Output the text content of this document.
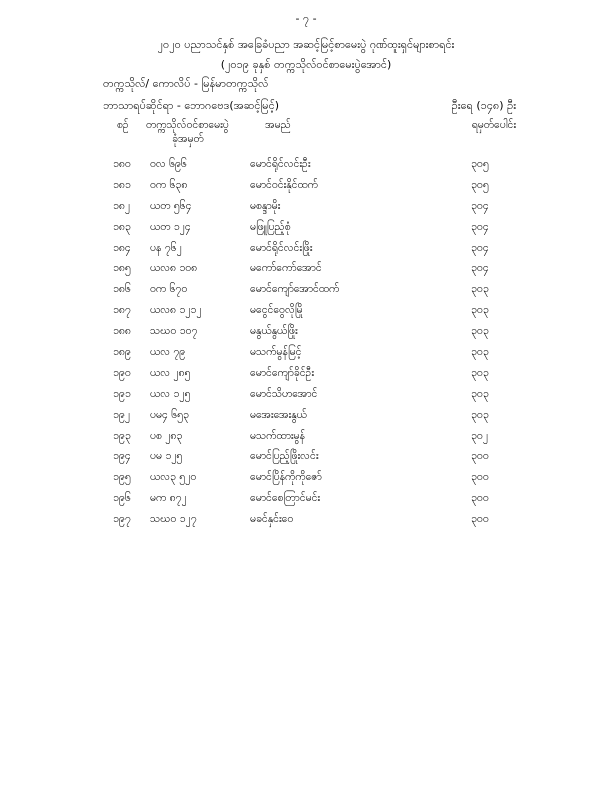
- ၇ -
၂၀၂၀ ပညာသင်နှစ် အခြေခံပညာ အဆင့်မြင့်စာမေးပွဲ ဂုဏ်ထူးရှင်များစာရင်း
(၂၀၁၉ ခုနှစ် တက္ကသိုလ်ဝင်စာမေးပွဲအောင်)
တက္ကသိုလ်/ ကောလိပ် - မြန်မာတက္ကသိုလ်
ဘာသာရပ်ဆိုင်ရာ - ဘောဂဗေဒ(အဆင့်မြင့်)	ဦးရေ (၁၄၈) ဦး
စဉ် တက္ကသိုလ်ဝင်စာမေးပွဲ
ခုံအမှတ်
အမည်	ရမှတ်ပေါင်း
၁၈၀ ဝလ ၆၉၆	မောင်ရိုင်လင်းဦး	၃၀၅
၁၈၁ ဝက ၆၃၈	မောင်ဝင်းနိုင်ထက်	၃၀၅
၁၈၂ ယတ ၅၆၄	မစန္ဒာမိုး	၃၀၄
၁၈၃ ယတ ၁၂၄	မဖြူပြည့်စုံ	၃၀၄
၁၈၄ ပန ၇၆၂	မောင်ရိုင်လင်းဖြိုး	၃၀၄
၁၈၅ ယလ၈ ၁၀၈	မကော်ကော်အောင်	၃၀၄
၁၈၆ ဝက ၆၇၀	မောင်ကျော်အောင်ထက်	၃၀၃
၁၈၇ ယလ၈ ၁၂၁၂	မငွေင်ဝွေလိုမြို	၃၀၃
၁၈၈ သဃ၀ ၁၀၇	မနွယ်နွယ်ဖြိုး	၃၀၃
၁၈၉ ယလ ၇၉	မသက်မွန်မြင့်	၃၀၃
၁၉၀ ယလ ၂၈၅	မောင်ကျော်ခိုင်ဦး	၃၀၃
၁၉၁ ယလ ၁၂၅	မောင်သိဟအောင်	၃၀၃
၁၉၂ ပမ၄ ၆၅၃	မအေးအေးနွယ်	၃၀၃
၁၉၃ ပစ ၂၈၃	မသက်ထားမွန်	၃၀၂
၁၉၄ ပမ ၁၂၅	မောင်ပြည့်ဖြိုးလင်း	၃၀၀
၁၉၅ ယလ၃ ၅၂၀	မောင်ပြိန်ကိုကိုဇော်	၃၀၀
၁၉၆ မက ၈၇၂	မောင်စေတြာင်မင်း	၃၀၀
၁၉၇ သဃ၀ ၁၂၇	မခင်နှင်းဝေ	၃၀၀
